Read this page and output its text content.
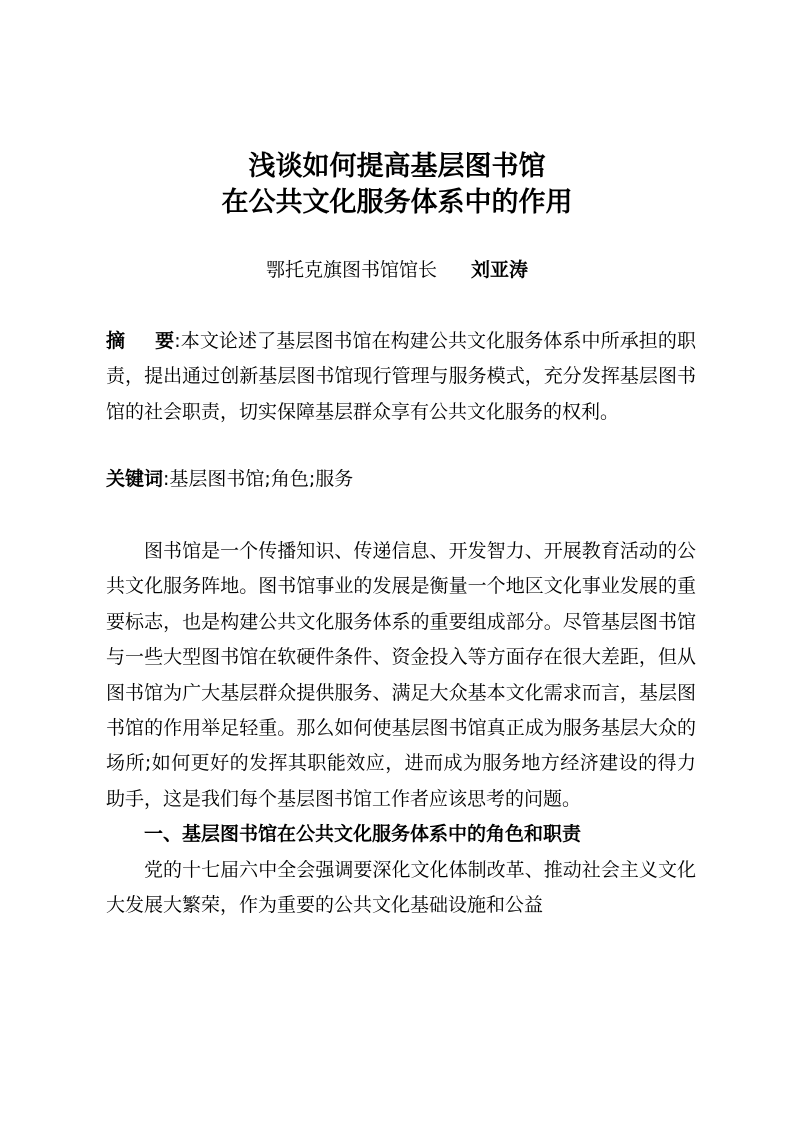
浅谈如何提高基层图书馆
在公共文化服务体系中的作用
鄂托克旗图书馆馆长 刘亚涛

摘 要:本文论述了基层图书馆在构建公共文化服务体系中所承担的职责，提出通过创新基层图书馆现行管理与服务模式，充分发挥基层图书馆的社会职责，切实保障基层群众享有公共文化服务的权利。

关键词:基层图书馆;角色;服务

图书馆是一个传播知识、传递信息、开发智力、开展教育活动的公共文化服务阵地。图书馆事业的发展是衡量一个地区文化事业发展的重要标志，也是构建公共文化服务体系的重要组成部分。尽管基层图书馆与一些大型图书馆在软硬件条件、资金投入等方面存在很大差距，但从图书馆为广大基层群众提供服务、满足大众基本文化需求而言，基层图书馆的作用举足轻重。那么如何使基层图书馆真正成为服务基层大众的场所;如何更好的发挥其职能效应，进而成为服务地方经济建设的得力助手，这是我们每个基层图书馆工作者应该思考的问题。

一、基层图书馆在公共文化服务体系中的角色和职责

党的十七届六中全会强调要深化文化体制改革、推动社会主义文化大发展大繁荣，作为重要的公共文化基础设施和公益
